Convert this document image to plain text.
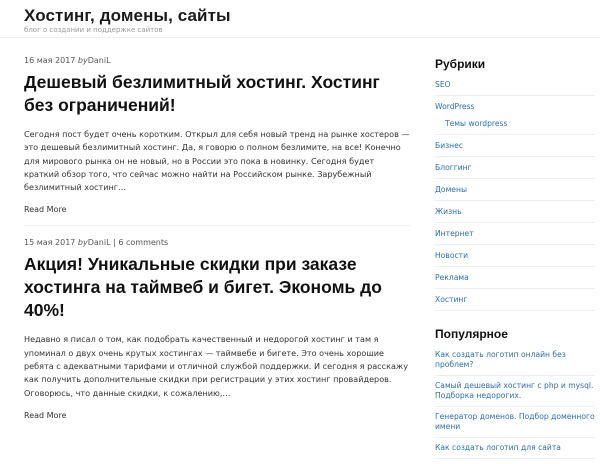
Хостинг, домены, сайты
блог о создании и поддержке сайтов
16 мая 2017 byDaniL
Дешевый безлимитный хостинг. Хостинг без ограничений!

Сегодня пост будет очень коротким. Открыл для себя новый тренд на рынке хостеров — это дешевый безлимитный хостинг. Да, я говорю о полном безлимите, на все! Конечно для мирового рынка он не новый, но в России это пока в новинку. Сегодня будет краткий обзор того, что сейчас можно найти на Российском рынке. Зарубежный безлимитный хостинг…

Read More
15 мая 2017 byDaniL | 6 comments
Акция! Уникальные скидки при заказе хостинга на таймвеб и бигет. Экономь до 40%!

Недавно я писал о том, как подобрать качественный и недорогой хостинг и там я упоминал о двух очень крутых хостингах — таймвебе и бигете. Это очень хорошие ребята с адекватными тарифами и отличной службой поддержки. И сегодня я расскажу как получить дополнительные скидки при регистрации у этих хостинг провайдеров. Оговорюсь, что данные скидки, к сожалению,…

Read More
Рубрики
SEO
WordPress
Темы wordpress
Бизнес
Блоггинг
Домены
Жизнь
Интернет
Новости
Реклама
Хостинг
Популярное
Как создать логотип онлайн без проблем?
Самый дешевый хостинг с php и mysql. Подборка недорогих.
Генератор доменов. Подбор доменного имени
Как создать логотип для сайта
